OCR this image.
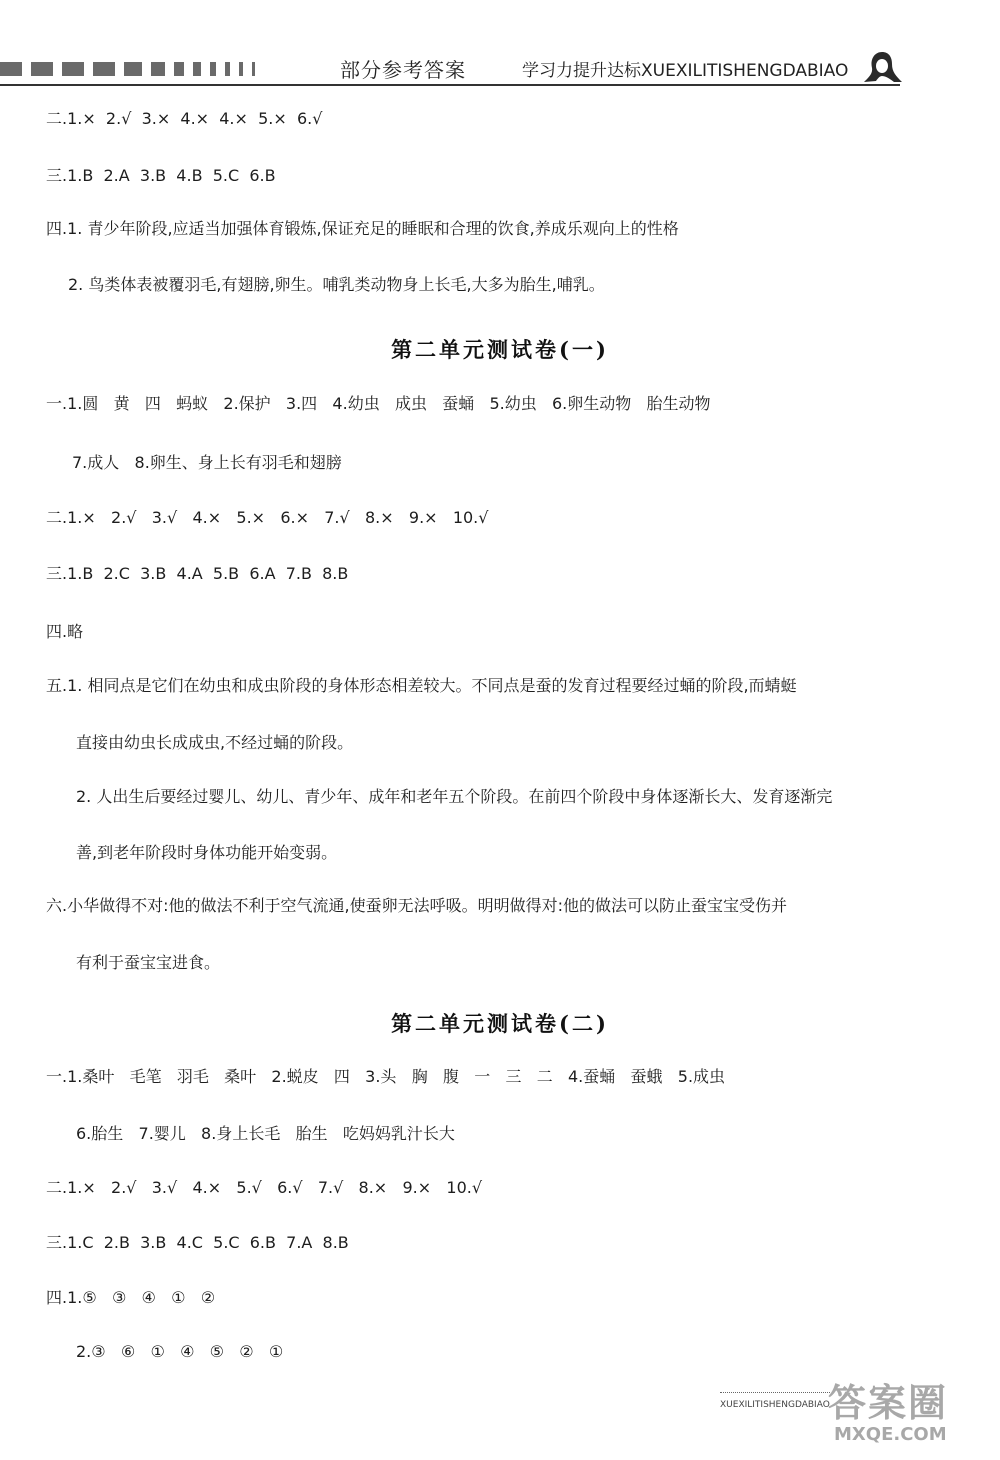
部分参考答案	学习力提升达标XUEXILITISHENGDABIAO
二.1.×  2.√  3.×  4.×  4.×  5.×  6.√
三.1.B  2.A  3.B  4.B  5.C  6.B
四.1. 青少年阶段,应适当加强体育锻炼,保证充足的睡眠和合理的饮食,养成乐观向上的性格
2. 鸟类体表被覆羽毛,有翅膀,卵生。哺乳类动物身上长毛,大多为胎生,哺乳。
第二单元测试卷(一)
一.1.圆   黄   四   蚂蚁   2.保护   3.四   4.幼虫   成虫   蚕蛹   5.幼虫   6.卵生动物   胎生动物
7.成人   8.卵生、身上长有羽毛和翅膀
二.1.×   2.√   3.√   4.×   5.×   6.×   7.√   8.×   9.×   10.√
三.1.B  2.C  3.B  4.A  5.B  6.A  7.B  8.B
四.略
五.1. 相同点是它们在幼虫和成虫阶段的身体形态相差较大。不同点是蚕的发育过程要经过蛹的阶段,而蜻蜓
直接由幼虫长成成虫,不经过蛹的阶段。
2. 人出生后要经过婴儿、幼儿、青少年、成年和老年五个阶段。在前四个阶段中身体逐渐长大、发育逐渐完
善,到老年阶段时身体功能开始变弱。
六.小华做得不对:他的做法不利于空气流通,使蚕卵无法呼吸。明明做得对:他的做法可以防止蚕宝宝受伤并
有利于蚕宝宝进食。
第二单元测试卷(二)
一.1.桑叶   毛笔   羽毛   桑叶   2.蜕皮   四   3.头   胸   腹   一   三   二   4.蚕蛹   蚕蛾   5.成虫
6.胎生   7.婴儿   8.身上长毛   胎生   吃妈妈乳汁长大
二.1.×   2.√   3.√   4.×   5.√   6.√   7.√   8.×   9.×   10.√
三.1.C  2.B  3.B  4.C  5.C  6.B  7.A  8.B
四.1.⑤   ③   ④   ①   ②
2.③   ⑥   ①   ④   ⑤   ②   ①
XUEXILITISHENGDABIAO
答案圈
MXQE.COM
